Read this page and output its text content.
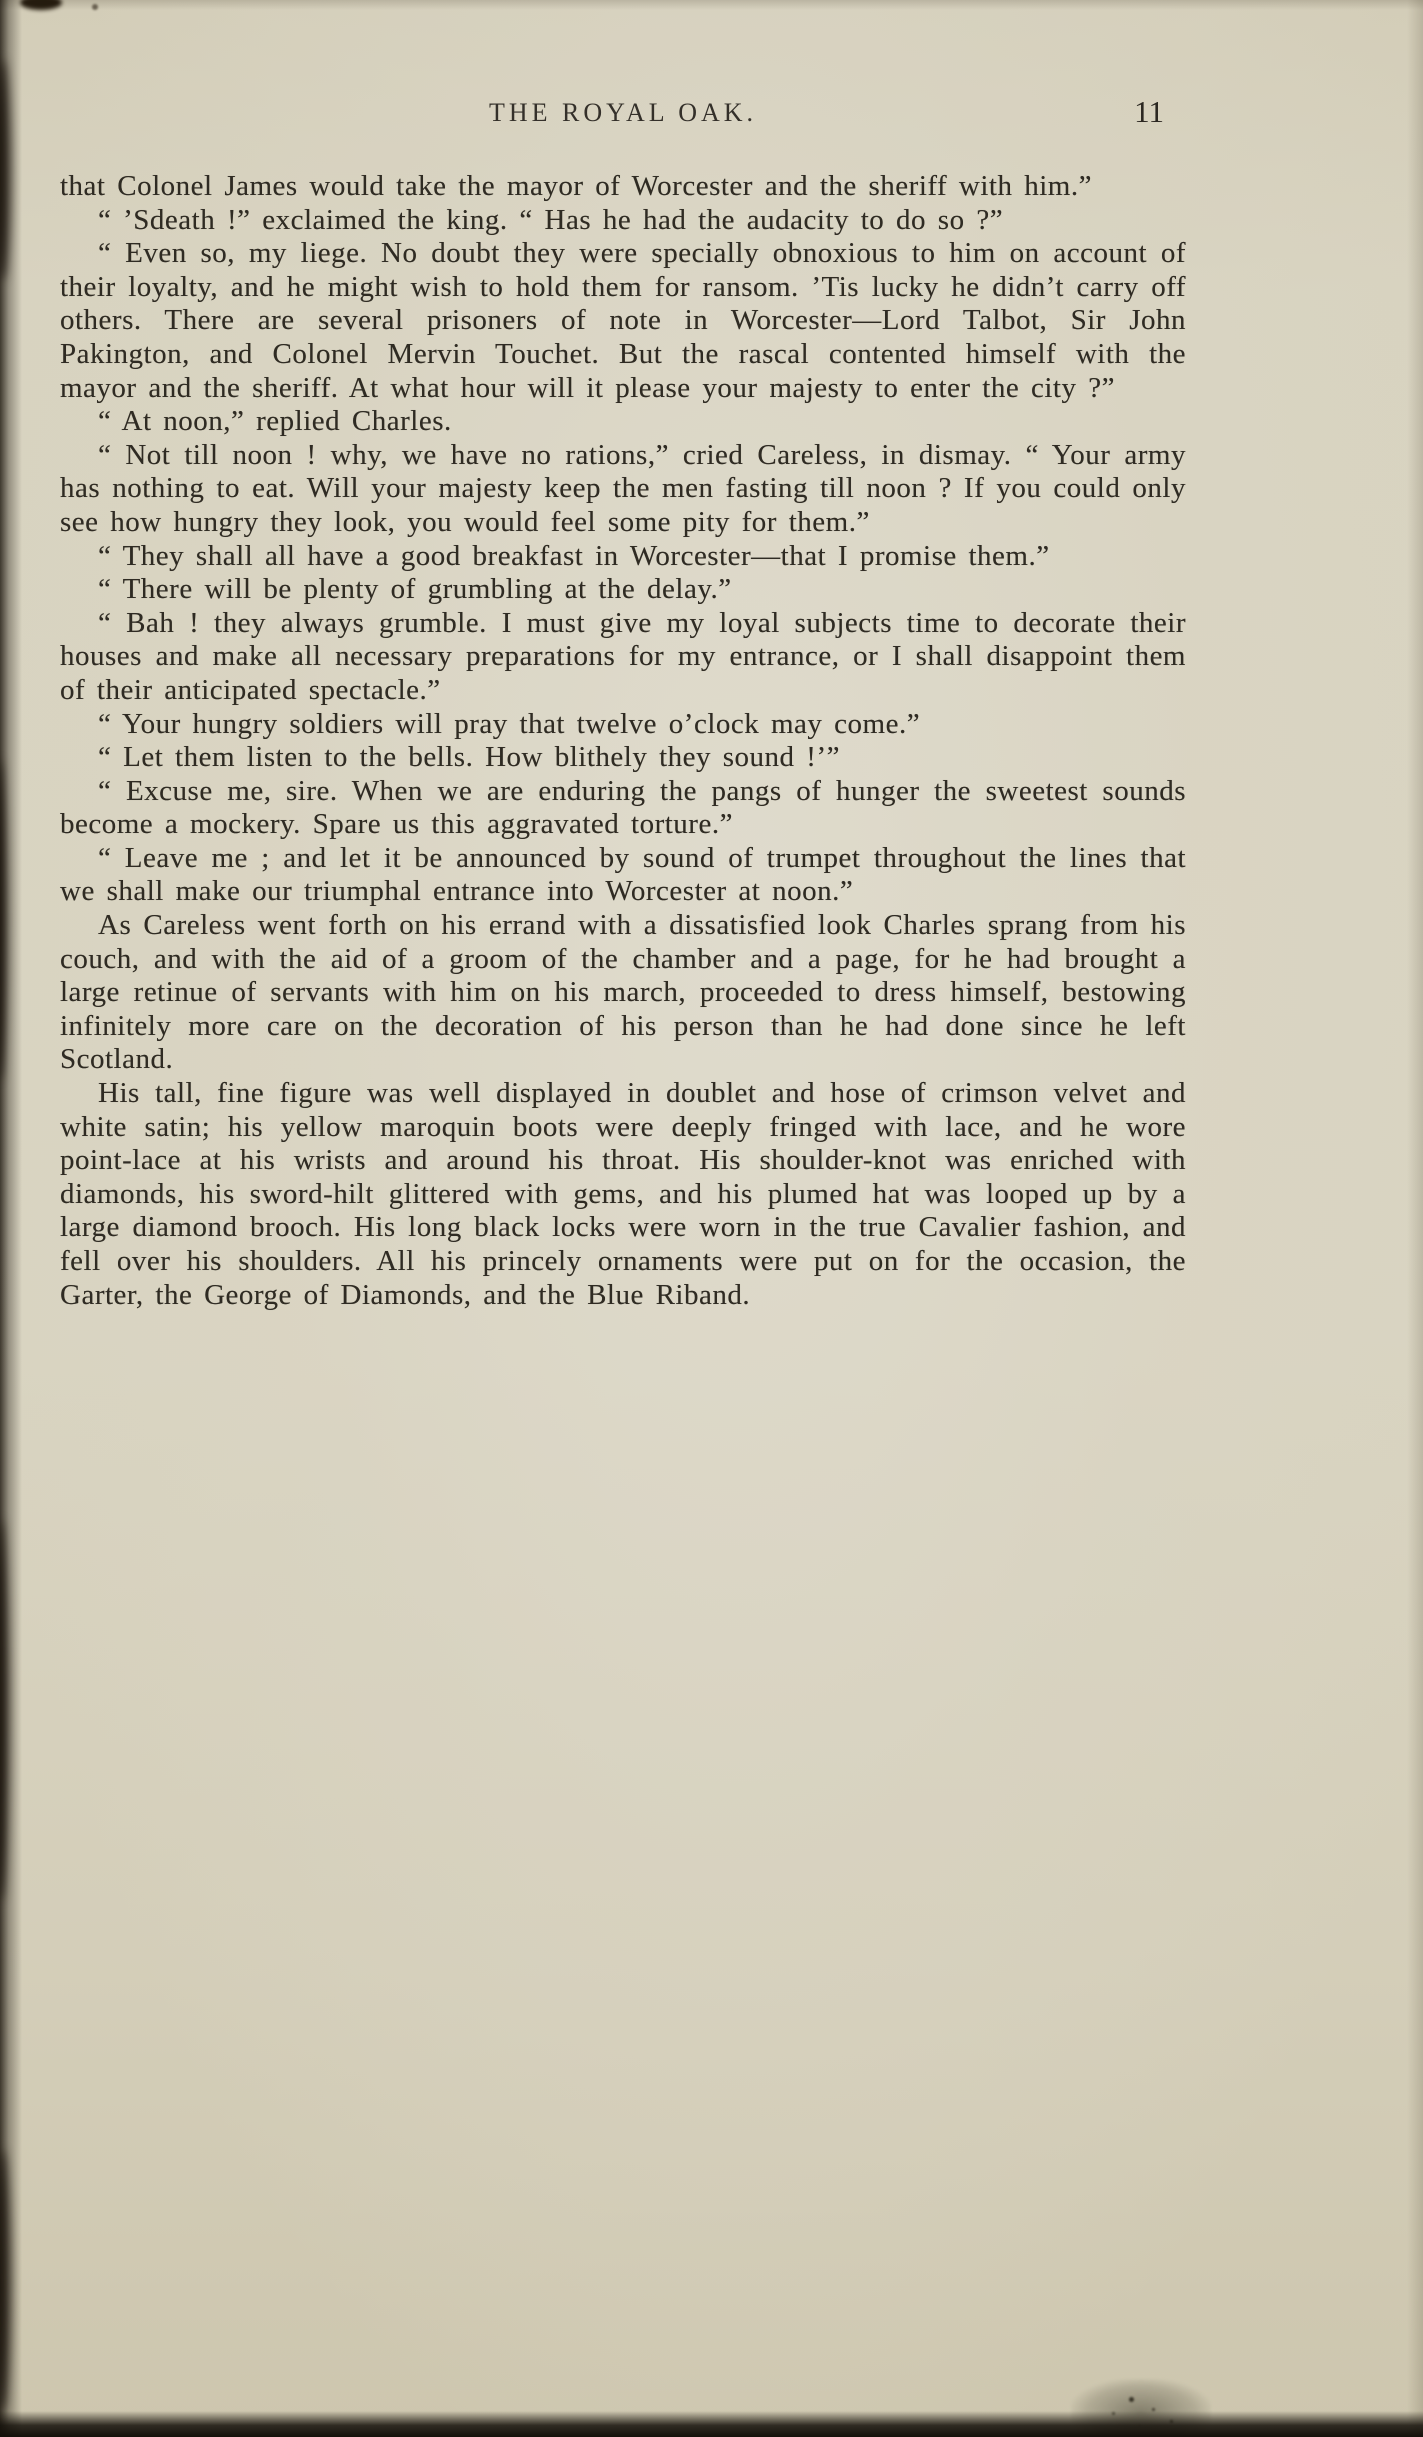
THE ROYAL OAK.	11

that Colonel James would take the mayor of Worcester and the sheriff with him.”

“ ’Sdeath !” exclaimed the king. “ Has he had the audacity to do so ?”

“ Even so, my liege. No doubt they were specially obnoxious to him on account of their loyalty, and he might wish to hold them for ransom. ’Tis lucky he didn’t carry off others. There are several prisoners of note in Worcester—Lord Talbot, Sir John Pakington, and Colonel Mervin Touchet. But the rascal contented himself with the mayor and the sheriff. At what hour will it please your majesty to enter the city ?”

“ At noon,” replied Charles.

“ Not till noon ! why, we have no rations,” cried Careless, in dismay. “ Your army has nothing to eat. Will your majesty keep the men fasting till noon ? If you could only see how hungry they look, you would feel some pity for them.”

“ They shall all have a good breakfast in Worcester—that I promise them.”

“ There will be plenty of grumbling at the delay.”

“ Bah ! they always grumble. I must give my loyal subjects time to decorate their houses and make all necessary preparations for my entrance, or I shall disappoint them of their anticipated spectacle.”

“ Your hungry soldiers will pray that twelve o’clock may come.”

“ Let them listen to the bells. How blithely they sound !’”

“ Excuse me, sire. When we are enduring the pangs of hunger the sweetest sounds become a mockery. Spare us this aggravated torture.”

“ Leave me ; and let it be announced by sound of trumpet throughout the lines that we shall make our triumphal entrance into Worcester at noon.”

As Careless went forth on his errand with a dissatisfied look Charles sprang from his couch, and with the aid of a groom of the chamber and a page, for he had brought a large retinue of servants with him on his march, proceeded to dress himself, bestowing infinitely more care on the decoration of his person than he had done since he left Scotland.

His tall, fine figure was well displayed in doublet and hose of crimson velvet and white satin; his yellow maroquin boots were deeply fringed with lace, and he wore point-lace at his wrists and around his throat. His shoulder-knot was enriched with diamonds, his sword-hilt glittered with gems, and his plumed hat was looped up by a large diamond brooch. His long black locks were worn in the true Cavalier fashion, and fell over his shoulders. All his princely ornaments were put on for the occasion, the Garter, the George of Diamonds, and the Blue Riband.
